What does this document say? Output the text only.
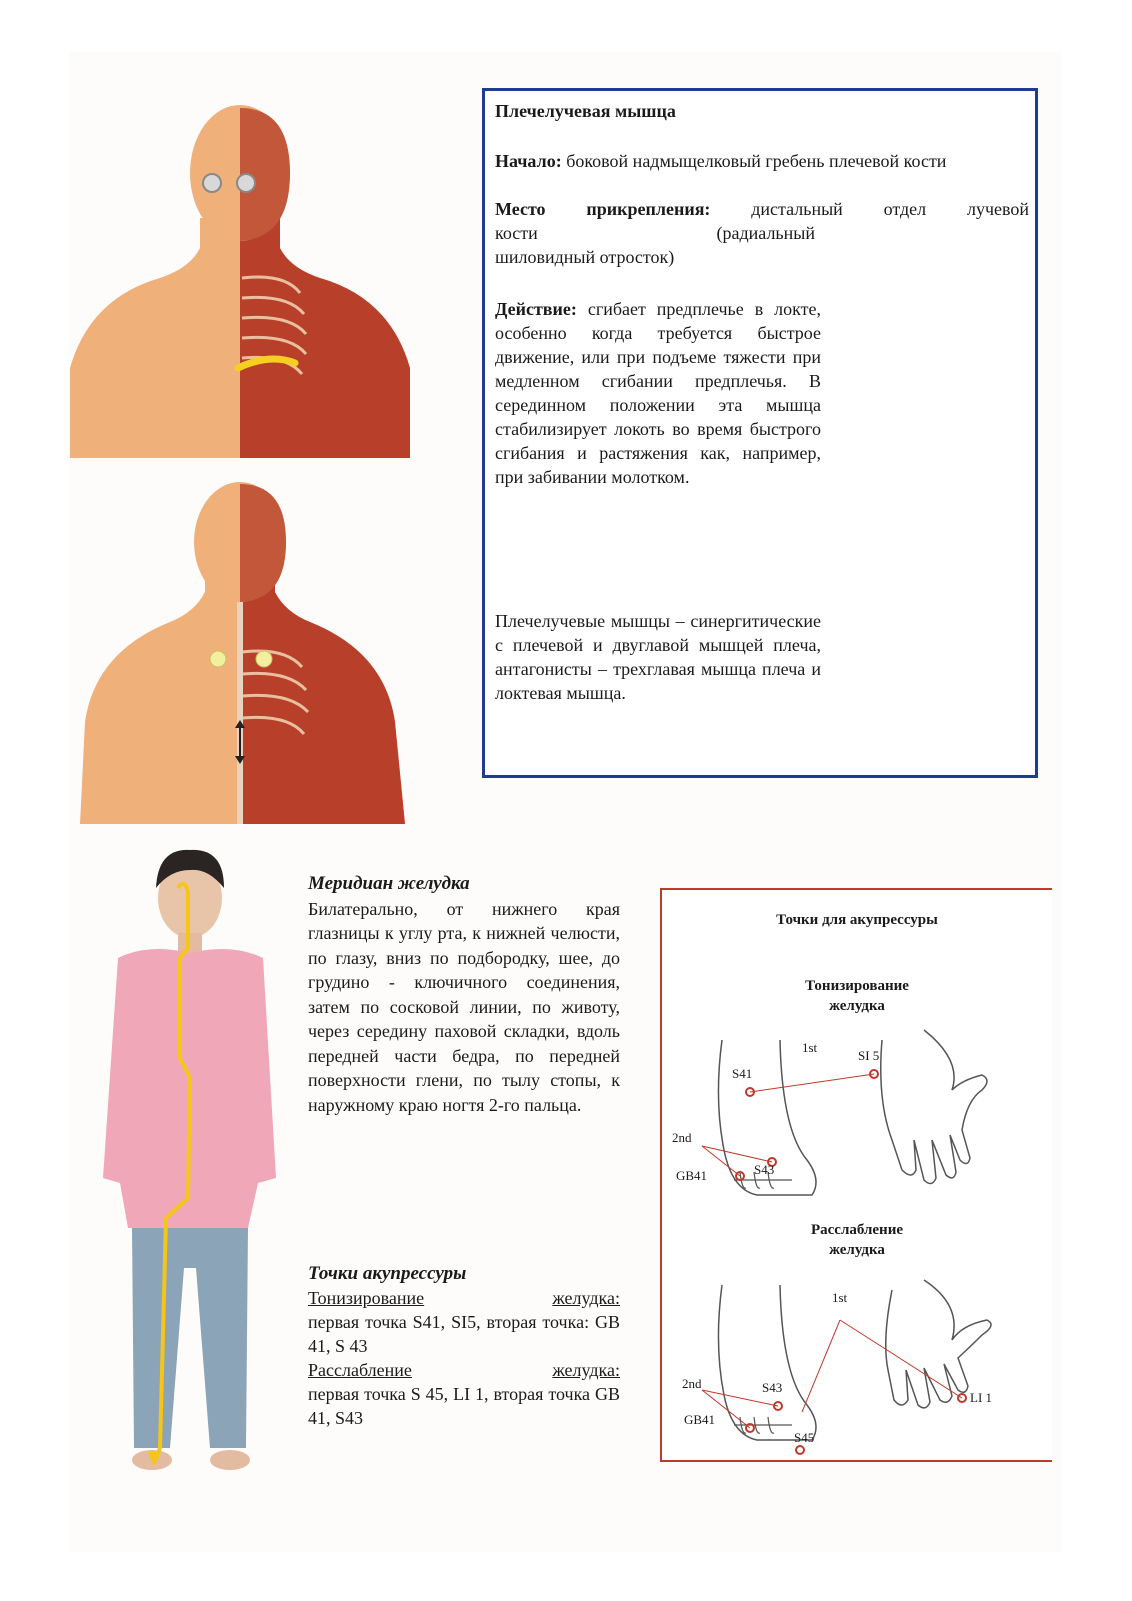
Плечелучевая мышца
Начало: боковой надмыщелковый гребень плечевой кости
Место прикрепления: дистальный отдел лучевой
кости	(радиальный
шиловидный отросток)
Действие: сгибает предплечье в локте, особенно когда требуется быстрое движение, или при подъеме тяжести при медленном сгибании предплечья. В серединном положении эта мышца стабилизирует локоть во время быстрого сгибания и растяжения как, например, при забивании молотком.
Плечелучевые мышцы – синергитические с плечевой и двуглавой мышцей плеча, антагонисты – трехглавая мышца плеча и локтевая мышца.
Меридиан желудка
Билатерально, от нижнего края глазницы к углу рта, к нижней челюсти, по глазу, вниз по подбородку, шее, до грудино - ключичного соединения, затем по сосковой линии, по животу, через середину паховой складки, вдоль передней части бедра, по передней поверхности глени, по тылу стопы, к наружному краю ногтя 2-го пальца.
Точки акупрессуры
Тонизирование	желудка:
первая точка S41, SI5, вторая точка: GB 41, S 43
Расслабление	желудка:
первая точка S 45, LI 1, вторая точка GB 41, S43
Точки для акупрессуры
Тонизирование
желудка
Расслабление
желудка
1st
SI 5
S41
2nd
S43
GB41
1st
2nd	S43
GB41
LI 1
S45
